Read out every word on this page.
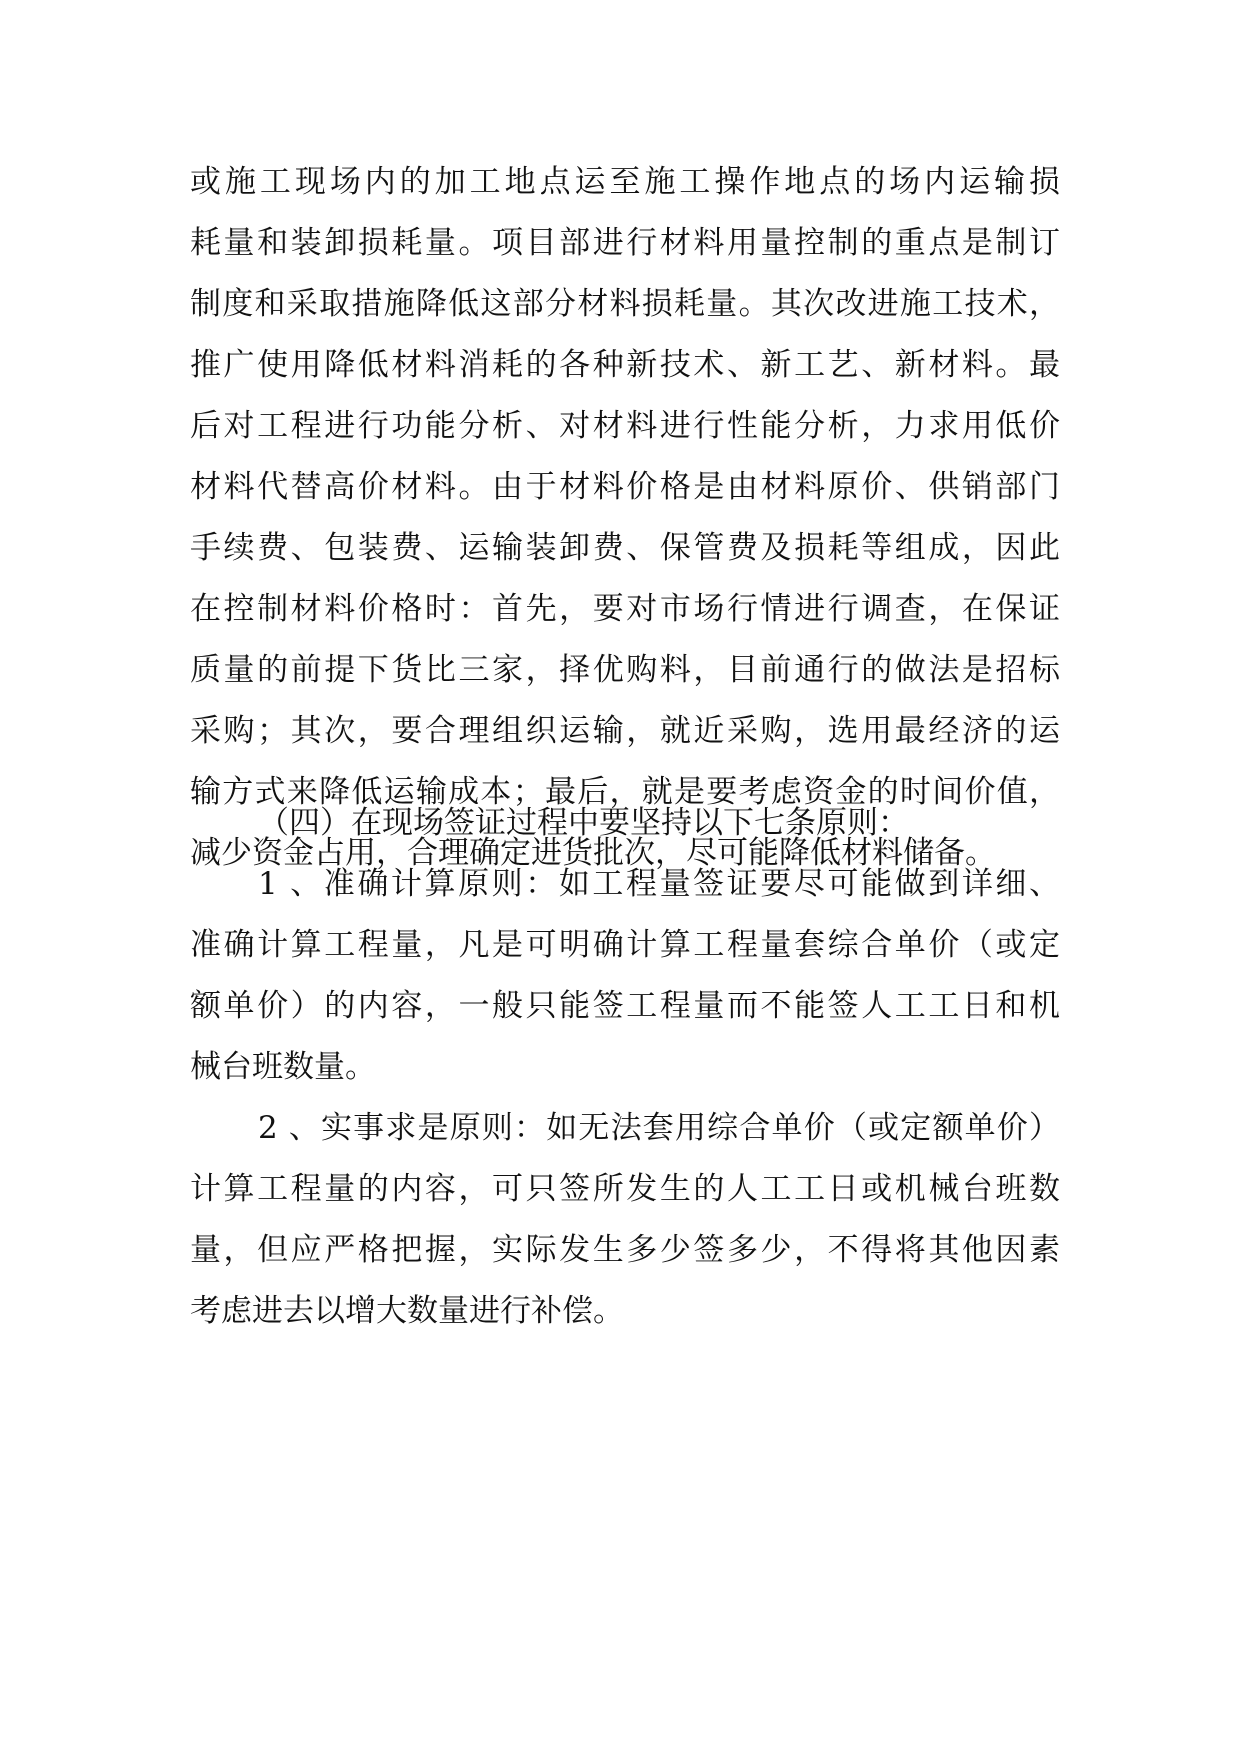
或施工现场内的加工地点运至施工操作地点的场内运输损
耗量和装卸损耗量。项目部进行材料用量控制的重点是制订
制度和采取措施降低这部分材料损耗量。其次改进施工技术，
推广使用降低材料消耗的各种新技术、新工艺、新材料。最
后对工程进行功能分析、对材料进行性能分析，力求用低价
材料代替高价材料。由于材料价格是由材料原价、供销部门
手续费、包装费、运输装卸费、保管费及损耗等组成，因此
在控制材料价格时：首先，要对市场行情进行调查，在保证
质量的前提下货比三家，择优购料，目前通行的做法是招标
采购；其次，要合理组织运输，就近采购，选用最经济的运
输方式来降低运输成本；最后，就是要考虑资金的时间价值，
减少资金占用，合理确定进货批次，尽可能降低材料储备。
（四）在现场签证过程中要坚持以下七条原则：
1 、准确计算原则：如工程量签证要尽可能做到详细、
准确计算工程量，凡是可明确计算工程量套综合单价（或定
额单价）的内容，一般只能签工程量而不能签人工工日和机
械台班数量。
2 、实事求是原则：如无法套用综合单价（或定额单价）
计算工程量的内容，可只签所发生的人工工日或机械台班数
量，但应严格把握，实际发生多少签多少，不得将其他因素
考虑进去以增大数量进行补偿。
